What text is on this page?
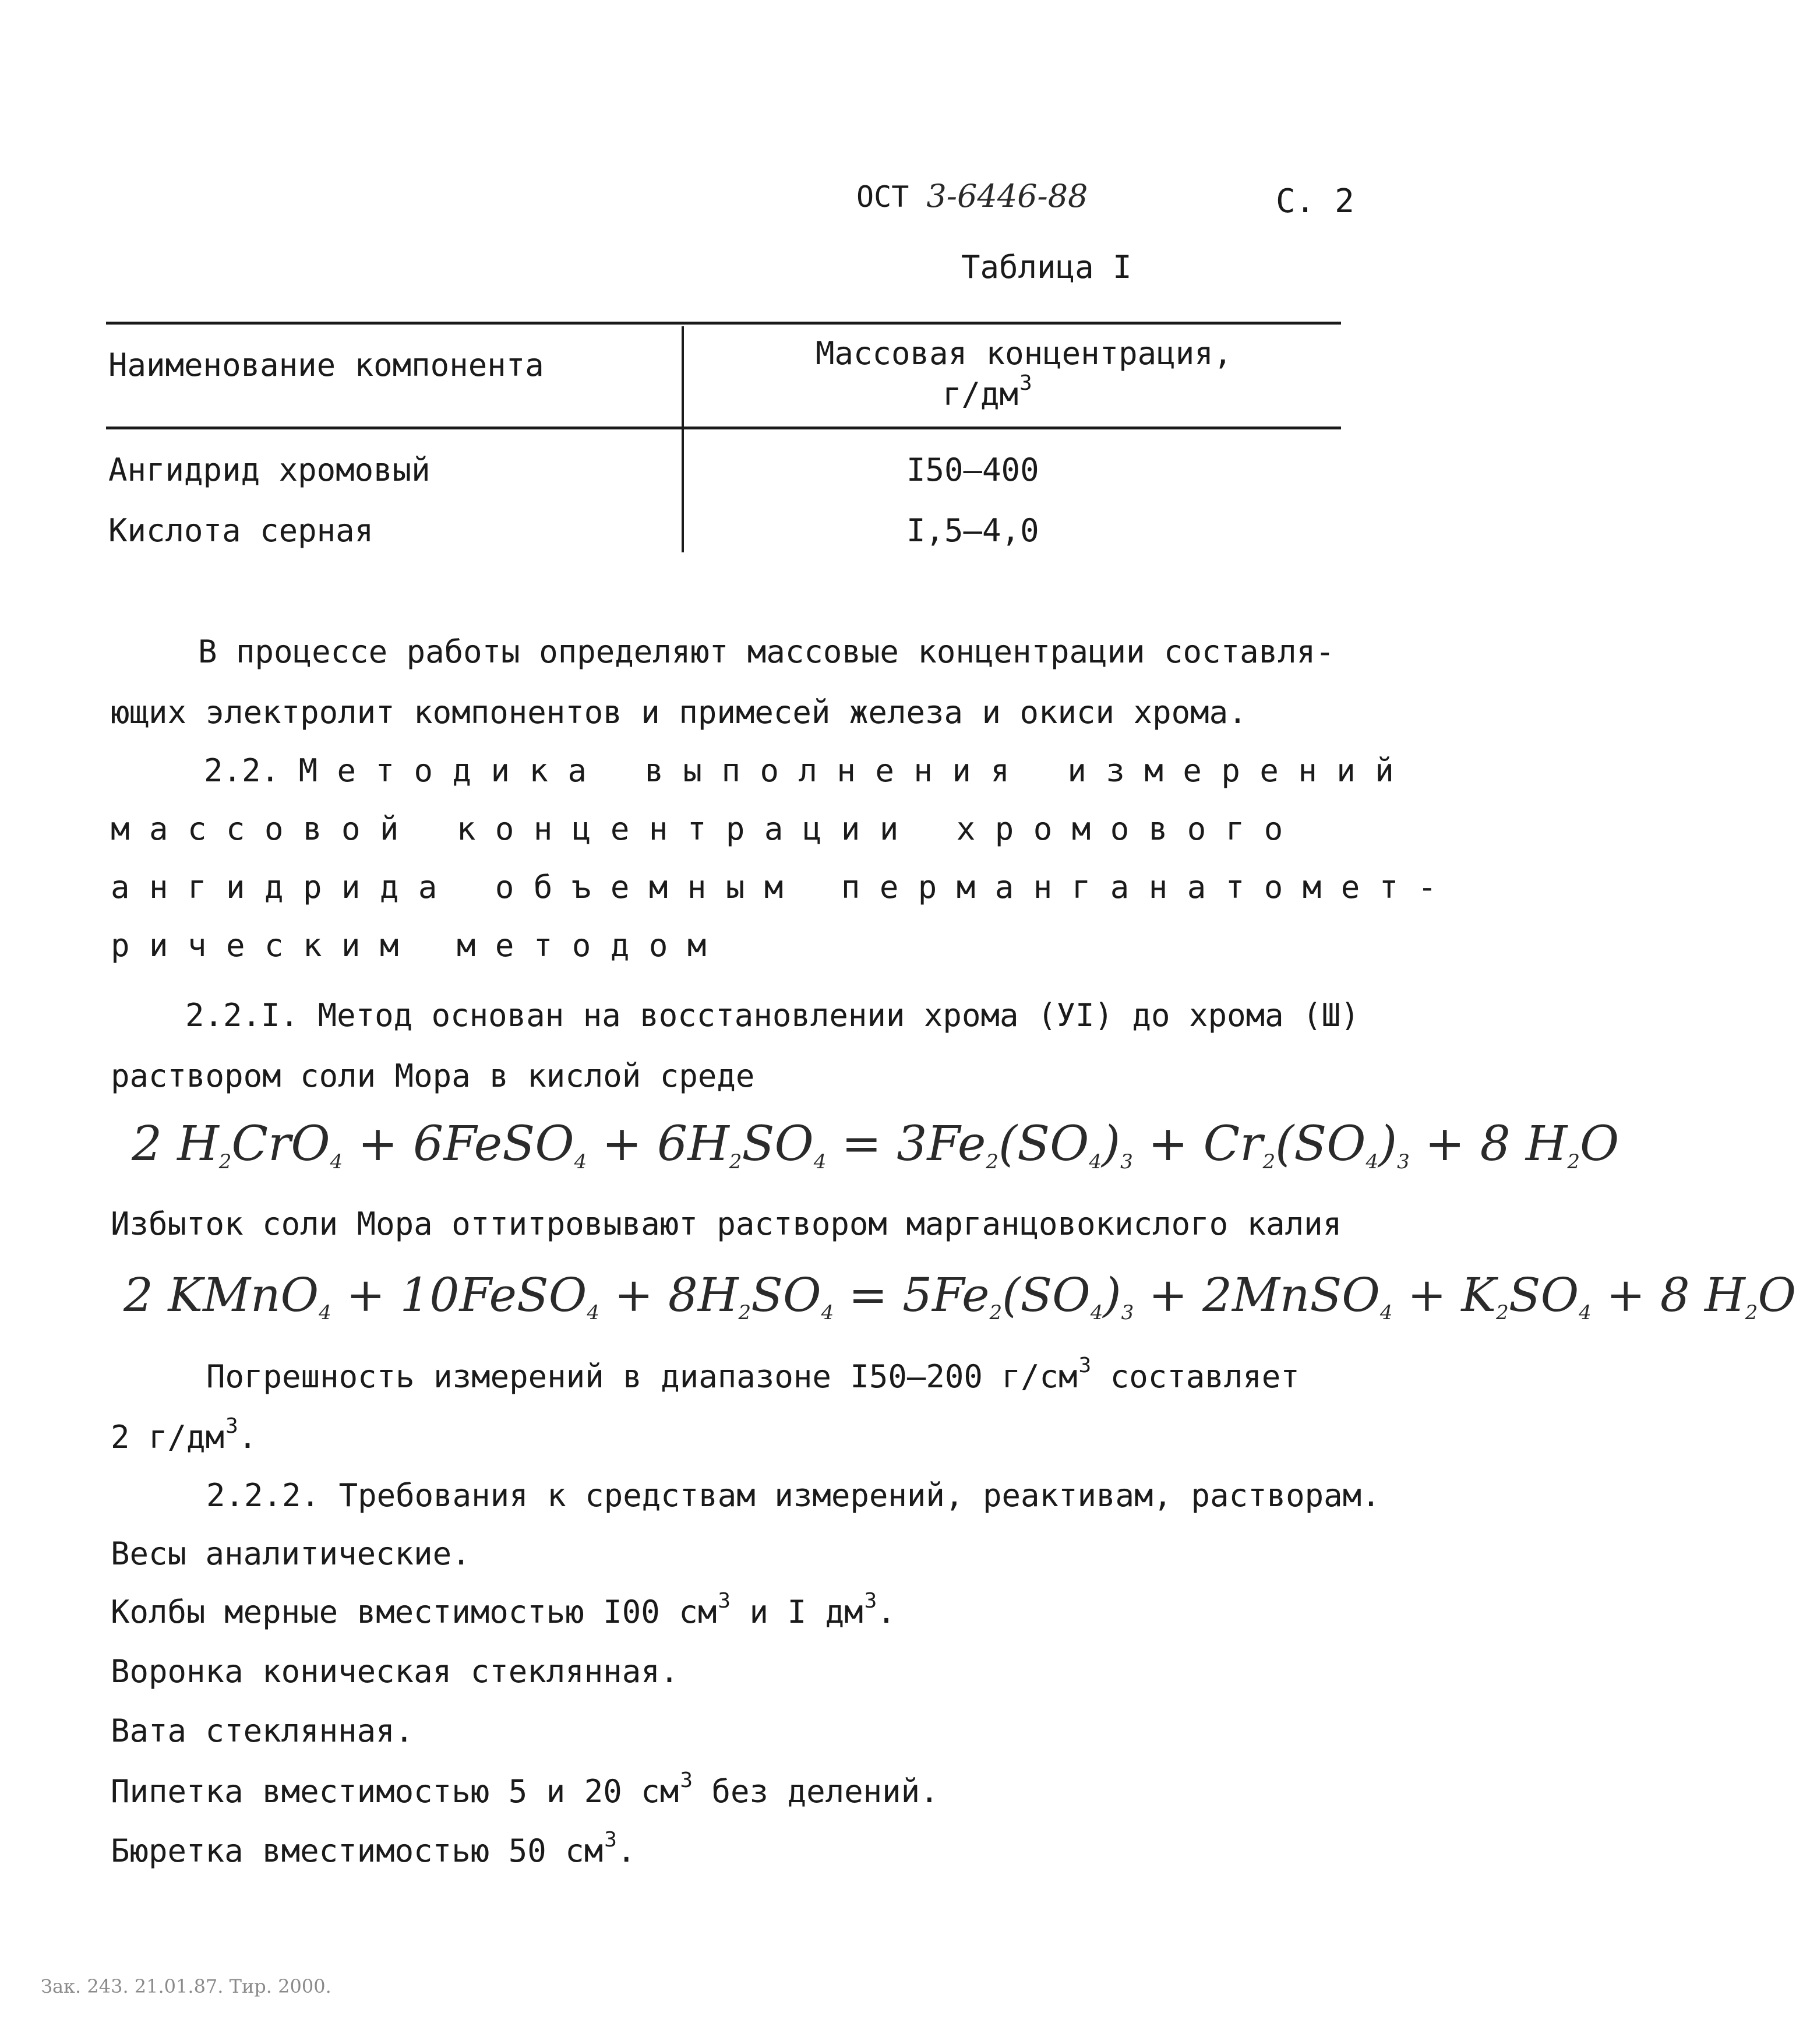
ОСТ 3-6446-88	С. 2
Таблица I
Наименование компонента	Массовая концентрация,
$г/дм^3$
Ангидрид хромовый	I50–400
Кислота серная	I,5–4,0
В процессе работы определяют массовые концентрации составля-
ющих электролит компонентов и примесей железа и окиси хрома.
2.2. Методика выполнения измерений
массовой концентрации хромового
ангидрида объемным перманганатомет-
рическим методом
2.2.I. Метод основан на восстановлении хрома (УI) до хрома (Ш)
раствором соли Мора в кислой среде
2 H2CrO4 + 6FeSO4 + 6H2SO4 = 3Fe2(SO4)3 + Cr2(SO4)3 + 8 H2O
Избыток соли Мора оттитровывают раствором марганцовокислого калия
2 KMnO4 + 10FeSO4 + 8H2SO4 = 5Fe2(SO4)3 + 2MnSO4 + K2SO4 + 8 H2O
Погрешность измерений в диапазоне I50–200 $г/см^3$ составляет
2 $г/дм^3$.
2.2.2. Требования к средствам измерений, реактивам, растворам.
Весы аналитические.
Колбы мерные вместимостью I00 $см^3$ и I $дм^3$.
Воронка коническая стеклянная.
Вата стеклянная.
Пипетка вместимостью 5 и 20 $см^3$ без делений.
Бюретка вместимостью 50 $см^3$.
Зак. 243. 21.01.87. Тир. 2000.
